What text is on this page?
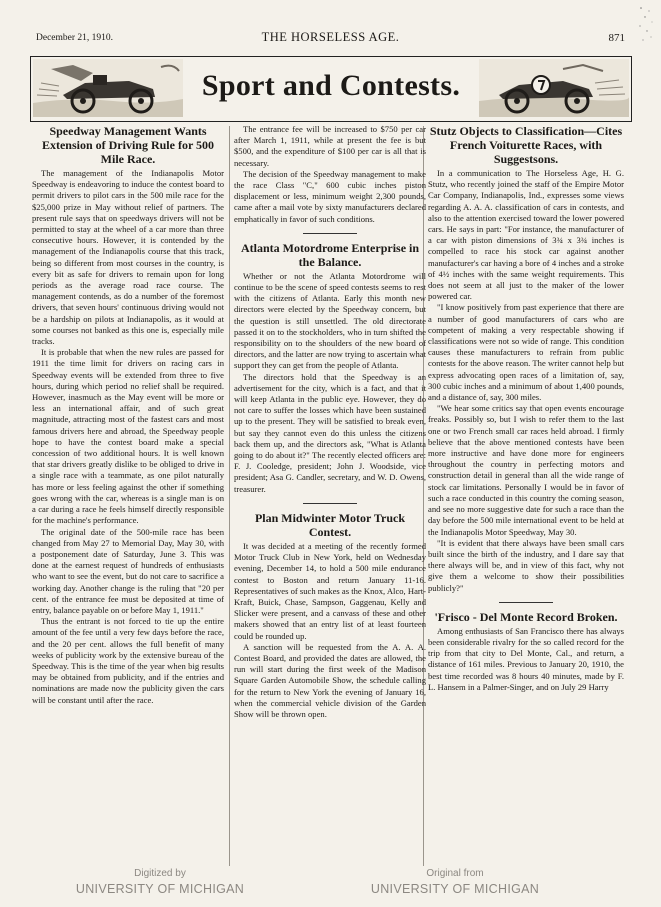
December 21, 1910.	THE HORSELESS AGE.	871
Sport and Contests.
Speedway Management Wants Extension of Driving Rule for 500 Mile Race.

The management of the Indianapolis Motor Speedway is endeavoring to induce the contest board to permit drivers to pilot cars in the 500 mile race for the $25,000 prize in May without relief of partners. The present rule says that on speedways drivers will not be permitted to stay at the wheel of a car more than three consecutive hours. However, it is contended by the management of the Indianapolis course that this track, being so different from most courses in the country, is every bit as safe for drivers to remain upon for long periods as the average road race course. The management contends, as do a number of the foremost drivers, that seven hours' continuous driving would not be a hardship on pilots at Indianapolis, as it would at some courses not banked as this one is, especially mile tracks.

It is probable that when the new rules are passed for 1911 the time limit for drivers on racing cars in Speedway events will be extended from three to five hours, during which period no relief shall be required. However, inasmuch as the May event will be more or less an international affair, and of such great magnitude, attracting most of the fastest cars and most famous drivers here and abroad, the Speedway people hope to have the contest board make a special concession of two additional hours. It is well known that star drivers greatly dislike to be obliged to drive in a single race with a teammate, as one pilot naturally has more or less feeling against the other if something goes wrong with the car, whereas is a single man is on a car during a race he feels himself directly responsible for the machine's performance.

The original date of the 500-mile race has been changed from May 27 to Memorial Day, May 30, with a postponement date of Saturday, June 3. This was done at the earnest request of hundreds of enthusiasts who want to see the event, but do not care to sacrifice a working day. Another change is the ruling that "20 per cent. of the entrance fee must be deposited at time of entry, balance payable on or before May 1, 1911."

Thus the entrant is not forced to tie up the entire amount of the fee until a very few days before the race, and the 20 per cent. allows the full benefit of many weeks of publicity work by the extensive bureau of the Speedway. This is the time of the year when big results may be obtained from publicity, and if the entries and nominations are made now the publicity given the cars will be constant until after the race.

The entrance fee will be increased to $750 per car after March 1, 1911, while at present the fee is but $500, and the expenditure of $100 per car is all that is necessary.

The decision of the Speedway management to make the race Class "C," 600 cubic inches piston displacement or less, minimum weight 2,300 pounds, came after a mail vote by sixty manufacturers declared emphatically in favor of such conditions.

Atlanta Motordrome Enterprise in the Balance.

Whether or not the Atlanta Motordrome will continue to be the scene of speed contests seems to rest with the citizens of Atlanta. Early this month new directors were elected by the Speedway concern, but the question is still unsettled. The old directorate passed it on to the stockholders, who in turn shifted the responsibility on to the shoulders of the new board of directors, and the latter are now trying to ascertain what support they can get from the people of Atlanta.

The directors hold that the Speedway is an advertisement for the city, which is a fact, and that it will keep Atlanta in the public eye. However, they do not care to suffer the losses which have been sustained up to the present. They will be satisfied to break even, but say they cannot even do this unless the citizens back them up, and the directors ask, "What is Atlanta going to do about it?" The recently elected officers are: F. J. Cooledge, president; John J. Woodside, vice president; Asa G. Candler, secretary, and W. D. Owens, treasurer.

Plan Midwinter Motor Truck Contest.

It was decided at a meeting of the recently formed Motor Truck Club in New York, held on Wednesday evening, December 14, to hold a 500 mile endurance contest to Boston and return January 11-16. Representatives of such makes as the Knox, Alco, Hart-Kraft, Buick, Chase, Sampson, Gaggenau, Kelly and Slicker were present, and a canvass of these and other makers showed that an entry list of at least fourteen could be rounded up.

A sanction will be requested from the A. A. A. Contest Board, and provided the dates are allowed, the run will start during the first week of the Madison Square Garden Automobile Show, the schedule calling for the return to New York the evening of January 16, when the commercial vehicle division of the Garden Show will be thrown open.

Stutz Objects to Classification—Cites French Voiturette Races, with Suggestsons.

In a communication to The Horseless Age, H. G. Stutz, who recently joined the staff of the Empire Motor Car Company, Indianapolis, Ind., expresses some views regarding A. A. A. classification of cars in contests, and also to the attention exercised toward the lower powered cars. He says in part: "For instance, the manufacturer of a car with piston dimensions of 3¾ x 3¾ inches is compelled to race his stock car against another manufacturer's car having a bore of 4 inches and a stroke of 4½ inches with the same weight requirements. This does not seem at all just to the maker of the lower powered car.

"I know positively from past experience that there are a number of good manufacturers of cars who are competent of making a very respectable showing if classifications were not so wide of range. This condition causes these manufacturers to refrain from public contests for the above reason. The writer cannot help but express advocating open races of a limitation of, say, 300 cubic inches and a minimum of about 1,400 pounds, and a distance of, say, 300 miles.

"We hear some critics say that open events encourage freaks. Possibly so, but I wish to refer them to the last one or two French small car races held abroad. I firmly believe that the above mentioned contests have been more instructive and have done more for engineers throughout the country in perfecting motors and construction detail in general than all the wide range of stock car limitations. Personally I would be in favor of such a race conducted in this country the coming season, and see no more suggestive date for such a race than the day before the 500 mile international event to be held at the Indianapolis Motor Speedway, May 30.

"It is evident that there always have been small cars built since the birth of the industry, and I dare say that there always will be, and in view of this fact, why not give them a welcome to show their possibilities publicly?"

'Frisco - Del Monte Record Broken.

Among enthusiasts of San Francisco there has always been considerable rivalry for the so called record for the trip from that city to Del Monte, Cal., and return, a distance of 161 miles. Previous to January 20, 1910, the best time recorded was 8 hours 40 minutes, made by F. L. Hansem in a Palmer-Singer, and on July 29 Harry

Digitized by
UNIVERSITY OF MICHIGAN
Original from
UNIVERSITY OF MICHIGAN
